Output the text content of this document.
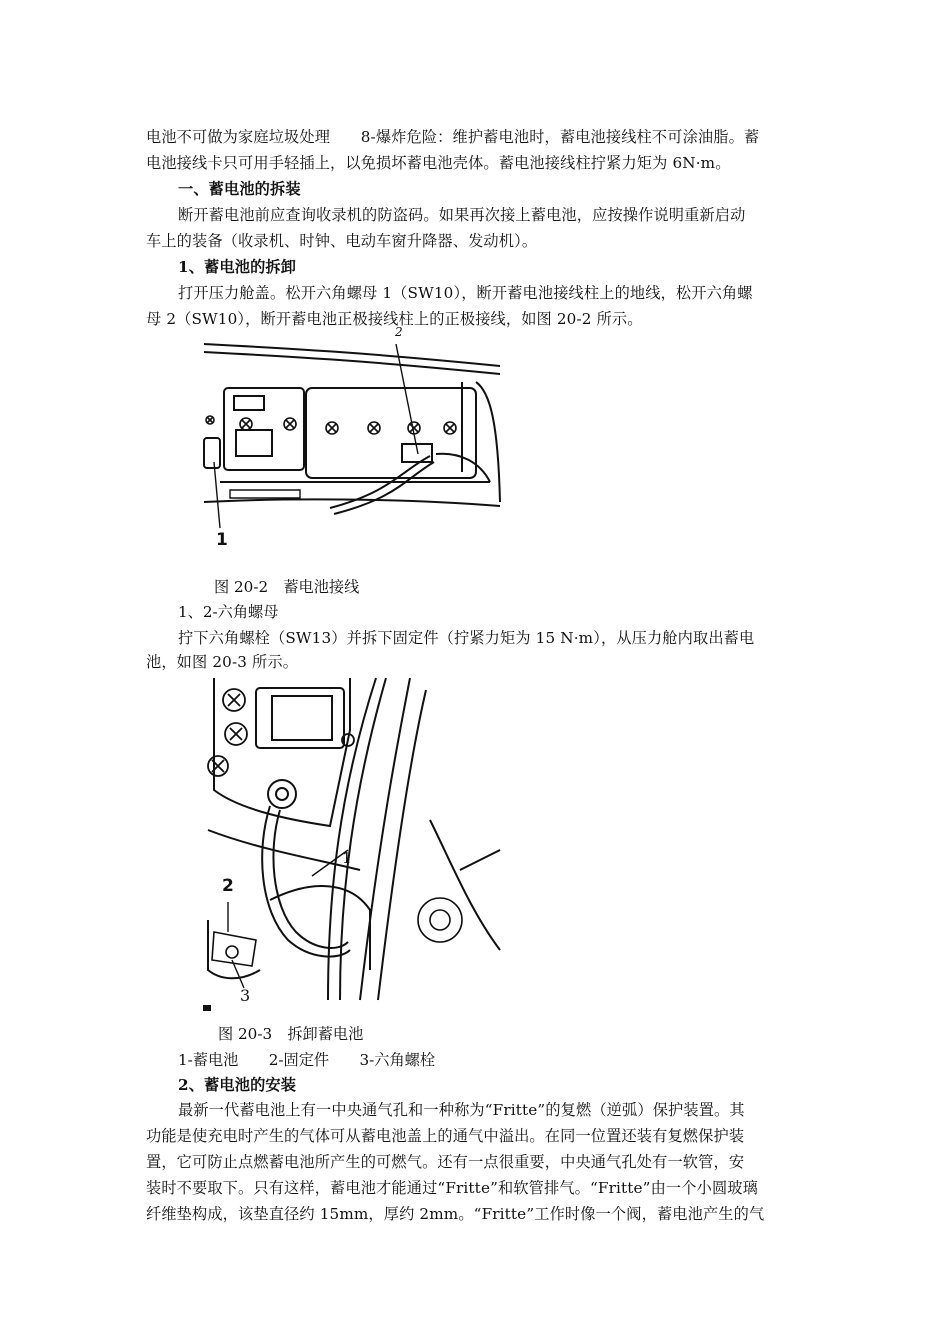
电池不可做为家庭垃圾处理　　8-爆炸危险：维护蓄电池时，蓄电池接线柱不可涂油脂。蓄
电池接线卡只可用手轻插上，以免损坏蓄电池壳体。蓄电池接线柱拧紧力矩为 6N·m。
一、蓄电池的拆装
断开蓄电池前应查询收录机的防盗码。如果再次接上蓄电池，应按操作说明重新启动
车上的装备（收录机、时钟、电动车窗升降器、发动机）。
1、蓄电池的拆卸
打开压力舱盖。松开六角螺母 1（SW10），断开蓄电池接线柱上的地线，松开六角螺
母 2（SW10），断开蓄电池正极接线柱上的正极接线，如图 20-2 所示。
2
1
图 20-2　蓄电池接线
1、2-六角螺母
拧下六角螺栓（SW13）并拆下固定件（拧紧力矩为 15 N·m），从压力舱内取出蓄电
池，如图 20-3 所示。
1
2
3
图 20-3　拆卸蓄电池
1-蓄电池　　2-固定件　　3-六角螺栓
2、蓄电池的安装
最新一代蓄电池上有一中央通气孔和一种称为“Fritte”的复燃（逆弧）保护装置。其
功能是使充电时产生的气体可从蓄电池盖上的通气中溢出。在同一位置还装有复燃保护装
置，它可防止点燃蓄电池所产生的可燃气。还有一点很重要，中央通气孔处有一软管，安
装时不要取下。只有这样，蓄电池才能通过“Fritte”和软管排气。“Fritte”由一个小圆玻璃
纤维垫构成，该垫直径约 15mm，厚约 2mm。“Fritte”工作时像一个阀，蓄电池产生的气
